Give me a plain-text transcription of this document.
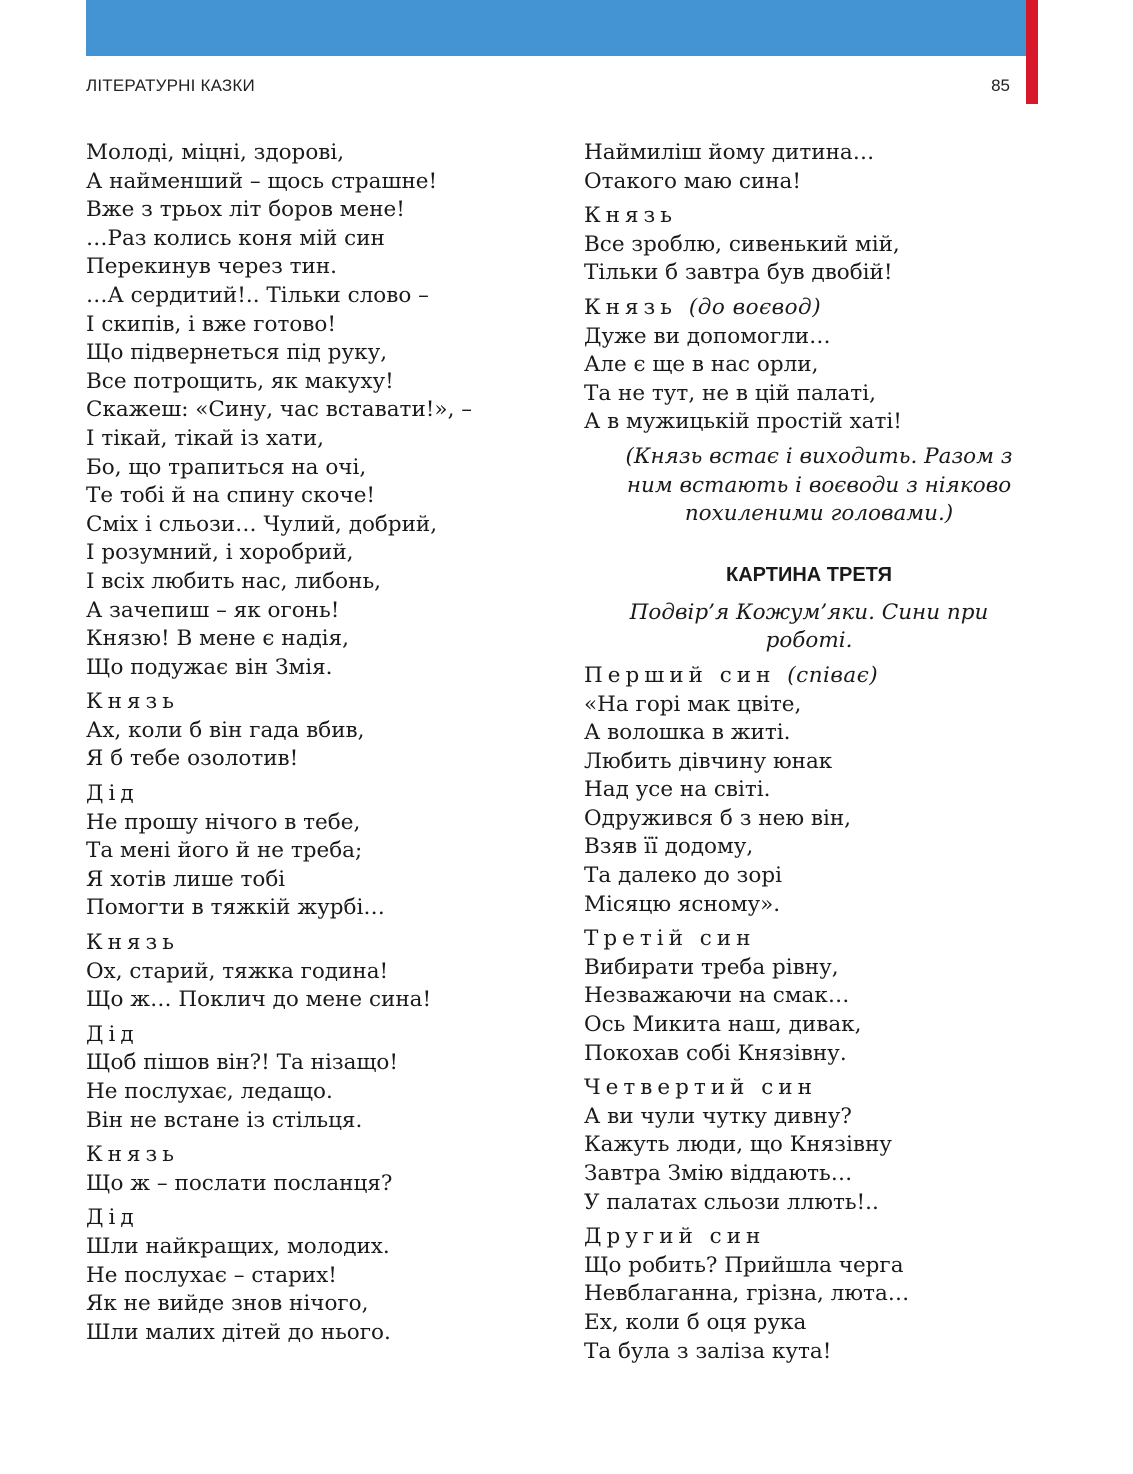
ЛІТЕРАТУРНІ КАЗКИ	85
Молоді, міцні, здорові,
А найменший – щось страшне!
Вже з трьох літ боров мене!
…Раз колись коня мій син
Перекинув через тин.
…А сердитий!.. Тільки слово –
І скипів, і вже готово!
Що підвернеться під руку,
Все потрощить, як макуху!
Скажеш: «Сину, час вставати!», –
І тікай, тікай із хати,
Бо, що трапиться на очі,
Те тобі й на спину скоче!
Сміх і сльози… Чулий, добрий,
І розумний, і хоробрий,
І всіх любить нас, либонь,
А зачепиш – як огонь!
Князю! В мене є надія,
Що подужає він Змія.
Князь
Ах, коли б він гада вбив,
Я б тебе озолотив!
Дід
Не прошу нічого в тебе,
Та мені його й не треба;
Я хотів лише тобі
Помогти в тяжкій журбі…
Князь
Ох, старий, тяжка година!
Що ж… Поклич до мене сина!
Дід
Щоб пішов він?! Та нізащо!
Не послухає, ледащо.
Він не встане із стільця.
Князь
Що ж – послати посланця?
Дід
Шли найкращих, молодих.
Не послухає – старих!
Як не вийде знов нічого,
Шли малих дітей до нього.
Наймиліш йому дитина…
Отакого маю сина!
Князь
Все зроблю, сивенький мій,
Тільки б завтра був двобій!
Князь (до воєвод)
Дуже ви допомогли…
Але є ще в нас орли,
Та не тут, не в цій палаті,
А в мужицькій простій хаті!
(Князь встає і виходить. Разом з
ним встають і воєводи з ніяково
похиленими головами.)
КАРТИНА ТРЕТЯ
Подвір’я Кожум’яки. Сини при
роботі.
Перший син (співає)
«На горі мак цвіте,
А волошка в житі.
Любить дівчину юнак
Над усе на світі.
Одружився б з нею він,
Взяв її додому,
Та далеко до зорі
Місяцю ясному».
Третій син
Вибирати треба рівну,
Незважаючи на смак…
Ось Микита наш, дивак,
Покохав собі Князівну.
Четвертий син
А ви чули чутку дивну?
Кажуть люди, що Князівну
Завтра Змію віддають…
У палатах сльози ллють!..
Другий син
Що робить? Прийшла черга
Невблаганна, грізна, люта…
Ех, коли б оця рука
Та була з заліза кута!
